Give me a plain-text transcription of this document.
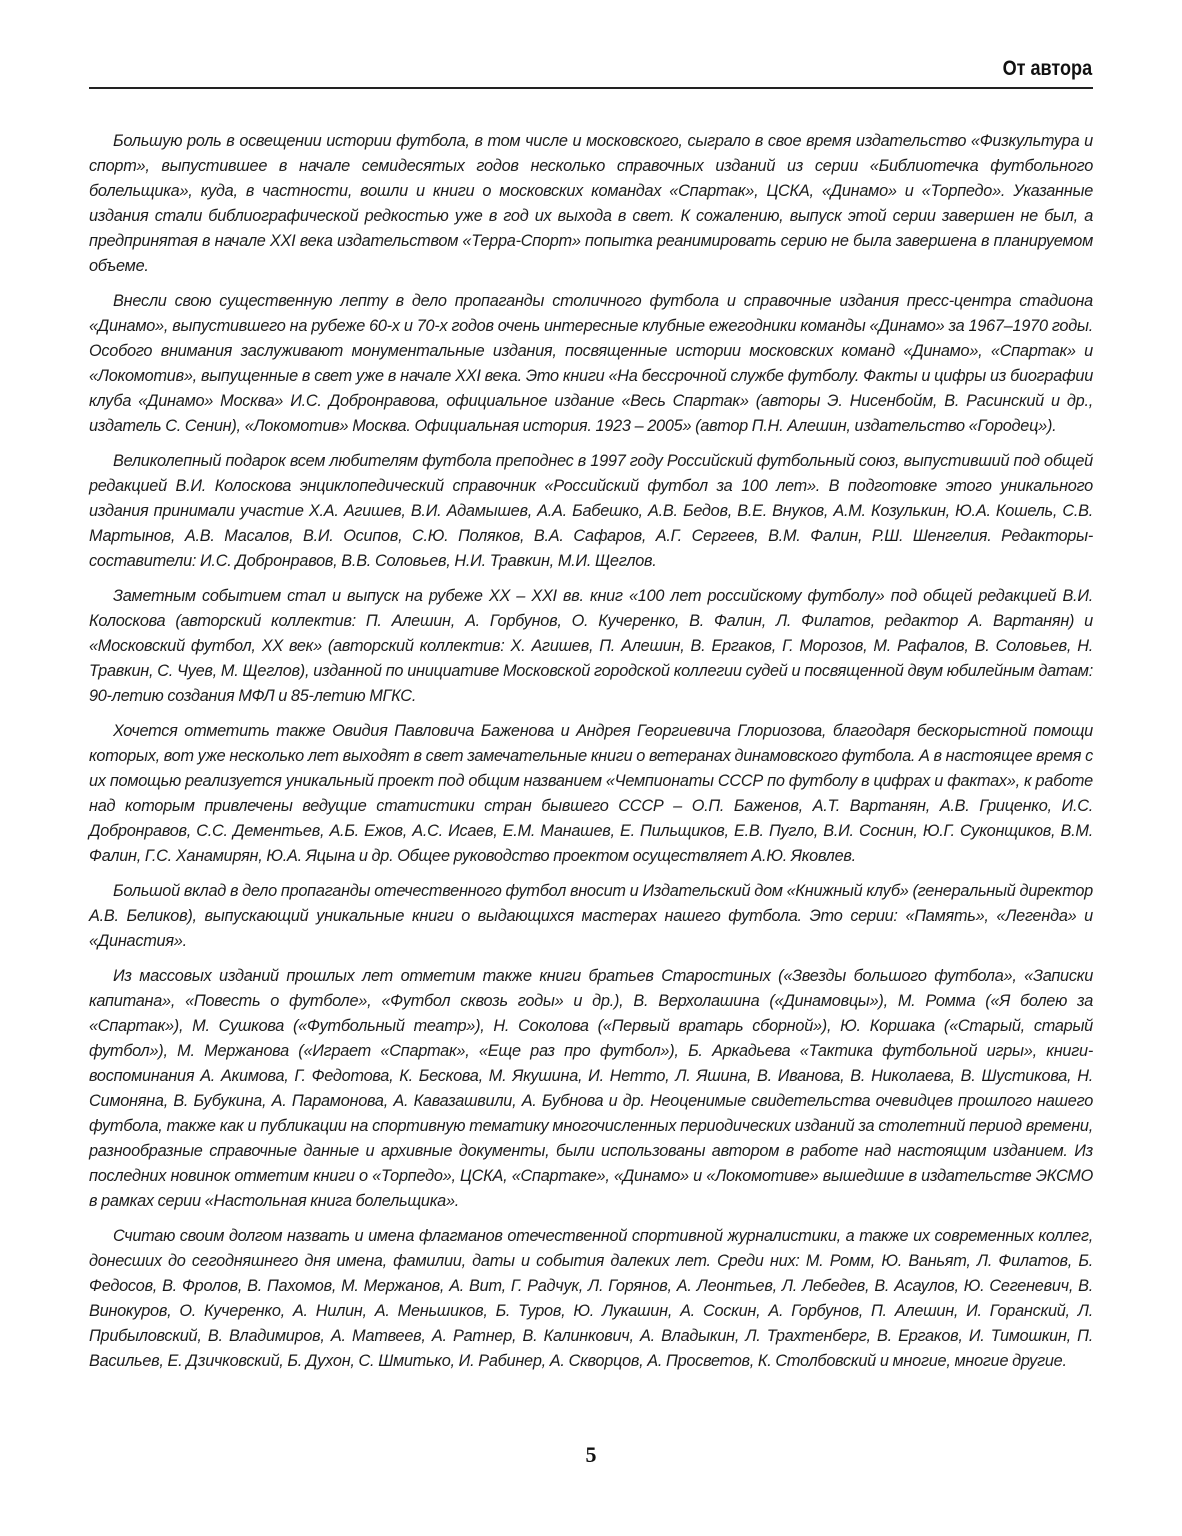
От автора

Большую роль в освещении истории футбола, в том числе и московского, сыграло в свое время издательство «Физкультура и спорт», выпустившее в начале семидесятых годов несколько справочных изданий из серии «Библиотечка футбольного болельщика», куда, в частности, вошли и книги о московских командах «Спартак», ЦСКА, «Динамо» и «Торпедо». Указанные издания стали библиографической редкостью уже в год их выхода в свет. К сожалению, выпуск этой серии завершен не был, а предпринятая в начале XXI века издательством «Терра-Спорт» попытка реанимировать серию не была завершена в планируемом объеме.

Внесли свою существенную лепту в дело пропаганды столичного футбола и справочные издания пресс-центра стадиона «Динамо», выпустившего на рубеже 60-х и 70-х годов очень интересные клубные ежегодники команды «Динамо» за 1967–1970 годы. Особого внимания заслуживают монументальные издания, посвященные истории московских команд «Динамо», «Спартак» и «Локомотив», выпущенные в свет уже в начале XXI века. Это книги «На бессрочной службе футболу. Факты и цифры из биографии клуба «Динамо» Москва» И.С. Добронравова, официальное издание «Весь Спартак» (авторы Э. Нисенбойм, В. Расинский и др., издатель С. Сенин), «Локомотив» Москва. Официальная история. 1923 – 2005» (автор П.Н. Алешин, издательство «Городец»).

Великолепный подарок всем любителям футбола преподнес в 1997 году Российский футбольный союз, выпустивший под общей редакцией В.И. Колоскова энциклопедический справочник «Российский футбол за 100 лет». В подготовке этого уникального издания принимали участие Х.А. Агишев, В.И. Адамышев, А.А. Бабешко, А.В. Бедов, В.Е. Внуков, А.М. Козулькин, Ю.А. Кошель, С.В. Мартынов, А.В. Масалов, В.И. Осипов, С.Ю. Поляков, В.А. Сафаров, А.Г. Сергеев, В.М. Фалин, Р.Ш. Шенгелия. Редакторы-составители: И.С. Добронравов, В.В. Соловьев, Н.И. Травкин, М.И. Щеглов.

Заметным событием стал и выпуск на рубеже XX – XXI вв. книг «100 лет российскому футболу» под общей редакцией В.И. Колоскова (авторский коллектив: П. Алешин, А. Горбунов, О. Кучеренко, В. Фалин, Л. Филатов, редактор А. Вартанян) и «Московский футбол, XX век» (авторский коллектив: Х. Агишев, П. Алешин, В. Ергаков, Г. Морозов, М. Рафалов, В. Соловьев, Н. Травкин, С. Чуев, М. Щеглов), изданной по инициативе Московской городской коллегии судей и посвященной двум юбилейным датам: 90-летию создания МФЛ и 85-летию МГКС.

Хочется отметить также Овидия Павловича Баженова и Андрея Георгиевича Глориозова, благодаря бескорыстной помощи которых, вот уже несколько лет выходят в свет замечательные книги о ветеранах динамовского футбола. А в настоящее время с их помощью реализуется уникальный проект под общим названием «Чемпионаты СССР по футболу в цифрах и фактах», к работе над которым привлечены ведущие статистики стран бывшего СССР – О.П. Баженов, А.Т. Вартанян, А.В. Гриценко, И.С. Добронравов, С.С. Дементьев, А.Б. Ежов, А.С. Исаев, Е.М. Манашев, Е. Пильщиков, Е.В. Пугло, В.И. Соснин, Ю.Г. Суконщиков, В.М. Фалин, Г.С. Ханамирян, Ю.А. Яцына и др. Общее руководство проектом осуществляет А.Ю. Яковлев.

Большой вклад в дело пропаганды отечественного футбол вносит и Издательский дом «Книжный клуб» (генеральный директор А.В. Беликов), выпускающий уникальные книги о выдающихся мастерах нашего футбола. Это серии: «Память», «Легенда» и «Династия».

Из массовых изданий прошлых лет отметим также книги братьев Старостиных («Звезды большого футбола», «Записки капитана», «Повесть о футболе», «Футбол сквозь годы» и др.), В. Верхолашина («Динамовцы»), М. Ромма («Я болею за «Спартак»), М. Сушкова («Футбольный театр»), Н. Соколова («Первый вратарь сборной»), Ю. Коршака («Старый, старый футбол»), М. Мержанова («Играет «Спартак», «Еще раз про футбол»), Б. Аркадьева «Тактика футбольной игры», книги-воспоминания А. Акимова, Г. Федотова, К. Бескова, М. Якушина, И. Нетто, Л. Яшина, В. Иванова, В. Николаева, В. Шустикова, Н. Симоняна, В. Бубукина, А. Парамонова, А. Кавазашвили, А. Бубнова и др. Неоценимые свидетельства очевидцев прошлого нашего футбола, также как и публикации на спортивную тематику многочисленных периодических изданий за столетний период времени, разнообразные справочные данные и архивные документы, были использованы автором в работе над настоящим изданием. Из последних новинок отметим книги о «Торпедо», ЦСКА, «Спартаке», «Динамо» и «Локомотиве» вышедшие в издательстве ЭКСМО в рамках серии «Настольная книга болельщика».

Считаю своим долгом назвать и имена флагманов отечественной спортивной журналистики, а также их современных коллег, донесших до сегодняшнего дня имена, фамилии, даты и события далеких лет. Среди них: М. Ромм, Ю. Ваньят, Л. Филатов, Б. Федосов, В. Фролов, В. Пахомов, М. Мержанов, А. Вит, Г. Радчук, Л. Горянов, А. Леонтьев, Л. Лебедев, В. Асаулов, Ю. Сегеневич, В. Винокуров, О. Кучеренко, А. Нилин, А. Меньшиков, Б. Туров, Ю. Лукашин, А. Соскин, А. Горбунов, П. Алешин, И. Горанский, Л. Прибыловский, В. Владимиров, А. Матвеев, А. Ратнер, В. Калинкович, А. Владыкин, Л. Трахтенберг, В. Ергаков, И. Тимошкин, П. Васильев, Е. Дзичковский, Б. Духон, С. Шмитько, И. Рабинер, А. Скворцов, А. Просветов, К. Столбовский и многие, многие другие.

5
